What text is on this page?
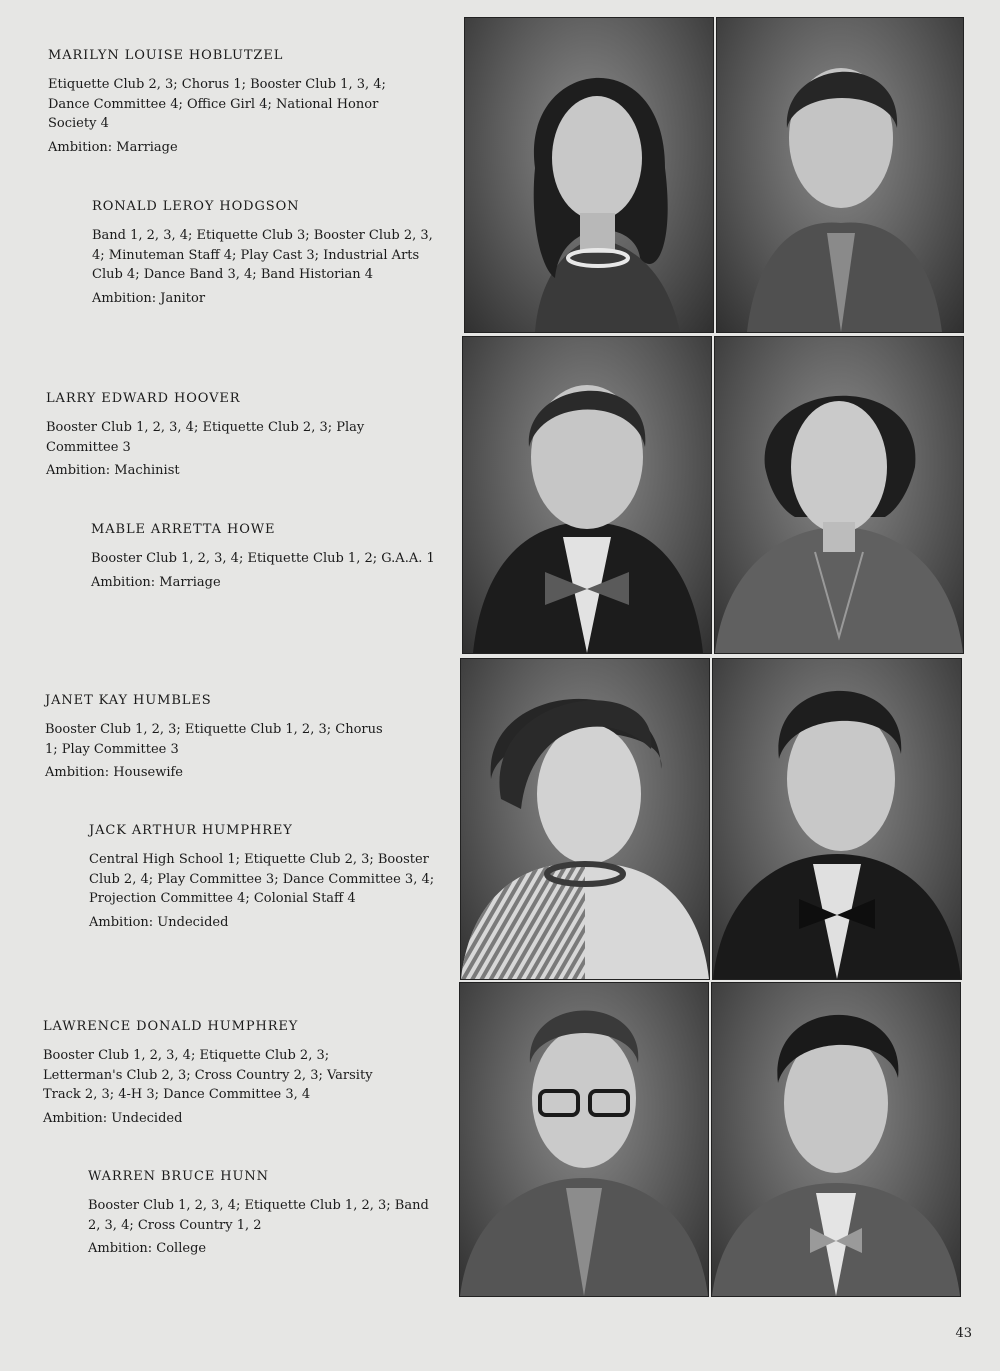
MARILYN LOUISE HOBLUTZEL

Etiquette Club 2, 3; Chorus 1; Booster Club 1, 3, 4; Dance Committee 4; Office Girl 4; National Honor Society 4

Ambition: Marriage

RONALD LEROY HODGSON

Band 1, 2, 3, 4; Etiquette Club 3; Booster Club 2, 3, 4; Minuteman Staff 4; Play Cast 3; Industrial Arts Club 4; Dance Band 3, 4; Band Historian 4

Ambition: Janitor

LARRY EDWARD HOOVER

Booster Club 1, 2, 3, 4; Etiquette Club 2, 3; Play Committee 3

Ambition: Machinist

MABLE ARRETTA HOWE

Booster Club 1, 2, 3, 4; Etiquette Club 1, 2; G.A.A. 1

Ambition: Marriage

JANET KAY HUMBLES

Booster Club 1, 2, 3; Etiquette Club 1, 2, 3; Chorus 1; Play Committee 3

Ambition: Housewife

JACK ARTHUR HUMPHREY

Central High School 1; Etiquette Club 2, 3; Booster Club 2, 4; Play Committee 3; Dance Committee 3, 4; Projection Committee 4; Colonial Staff 4

Ambition: Undecided

LAWRENCE DONALD HUMPHREY

Booster Club 1, 2, 3, 4; Etiquette Club 2, 3; Letterman's Club 2, 3; Cross Country 2, 3; Varsity Track 2, 3; 4-H 3; Dance Committee 3, 4

Ambition: Undecided

WARREN BRUCE HUNN

Booster Club 1, 2, 3, 4; Etiquette Club 1, 2, 3; Band 2, 3, 4; Cross Country 1, 2

Ambition: College

43
